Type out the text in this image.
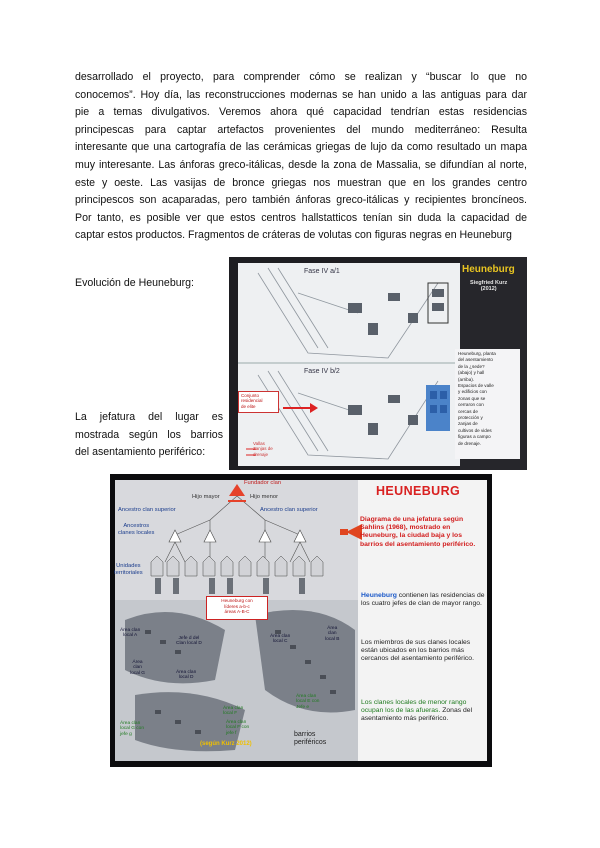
desarrollado el proyecto, para comprender cómo se realizan y “buscar lo que no
conocemos”. Hoy día, las reconstrucciones modernas se han unido a las antiguas para dar
pie a temas divulgativos. Veremos ahora qué capacidad tendrían estas residencias
principescas para captar artefactos provenientes del mundo mediterráneo: Resulta
interesante que una cartografía de las cerámicas griegas de lujo da como resultado un mapa
muy interesante. Las ánforas greco-itálicas, desde la zona de Massalia, se difundían al norte,
este y oeste. Las vasijas de bronce griegas nos muestran que en los grandes centro
principescos son acaparadas, pero también ánforas greco-itálicas y recipientes broncíneos.
Por tanto, es posible ver que estos centros hallstatticos tenían sin duda la capacidad de
captar estos productos. Fragmentos de cráteras de volutas con figuras negras en Heuneburg
Evolución de Heuneburg:
La jefatura del lugar es
mostrada según los barrios
del asentamiento periférico:
Heuneburg
Siegfried Kurz
(2012)
Fase IV a/1
Fase IV b/2
Conjunto
residencial
de elite
Vallas
Zanjas de
drenaje
Heuneburg, planta
del asentamiento
de la ¿sede?
(abajo) y hall
(arriba).
Espacios de valle
y edificios con
zonas que se
cerraron con
cercas de
protección y
zanjas de
cultivos de vides
figuras a campo
de drenaje.
HEUNEBURG
Diagrama de una jefatura según Sahlins (1968), mostrado en Heuneburg, la ciudad baja y los barrios del asentamiento periférico.
Heuneburg contienen las residencias de los cuatro jefes de clan de mayor rango.
Los miembros de sus clanes locales están ubicados en los barrios más cercanos del asentamiento periférico.
Los clanes locales de menor rango ocupan los de las afueras. Zonas del asentamiento más periférico.
Fundador clan
Hijo mayor	Hijo menor
Ancestro clan superior	Ancestro clan superior
Ancestros
clanes locales
Unidades
territoriales
Heuneburg con
líderes a-b-c
áreas A-B-C
Área clan
local A
Jefe d del
Clan local D
Área clan
local C
Área
clan
local B
Área
clan
local G	Área clan
local D
Área clan
local E con
Jefe e
Área clan
local G con
jefe g
Área clan
local F con
jefe f
Área clan
local F
barrios
periféricos
(según Kurz 2012)
